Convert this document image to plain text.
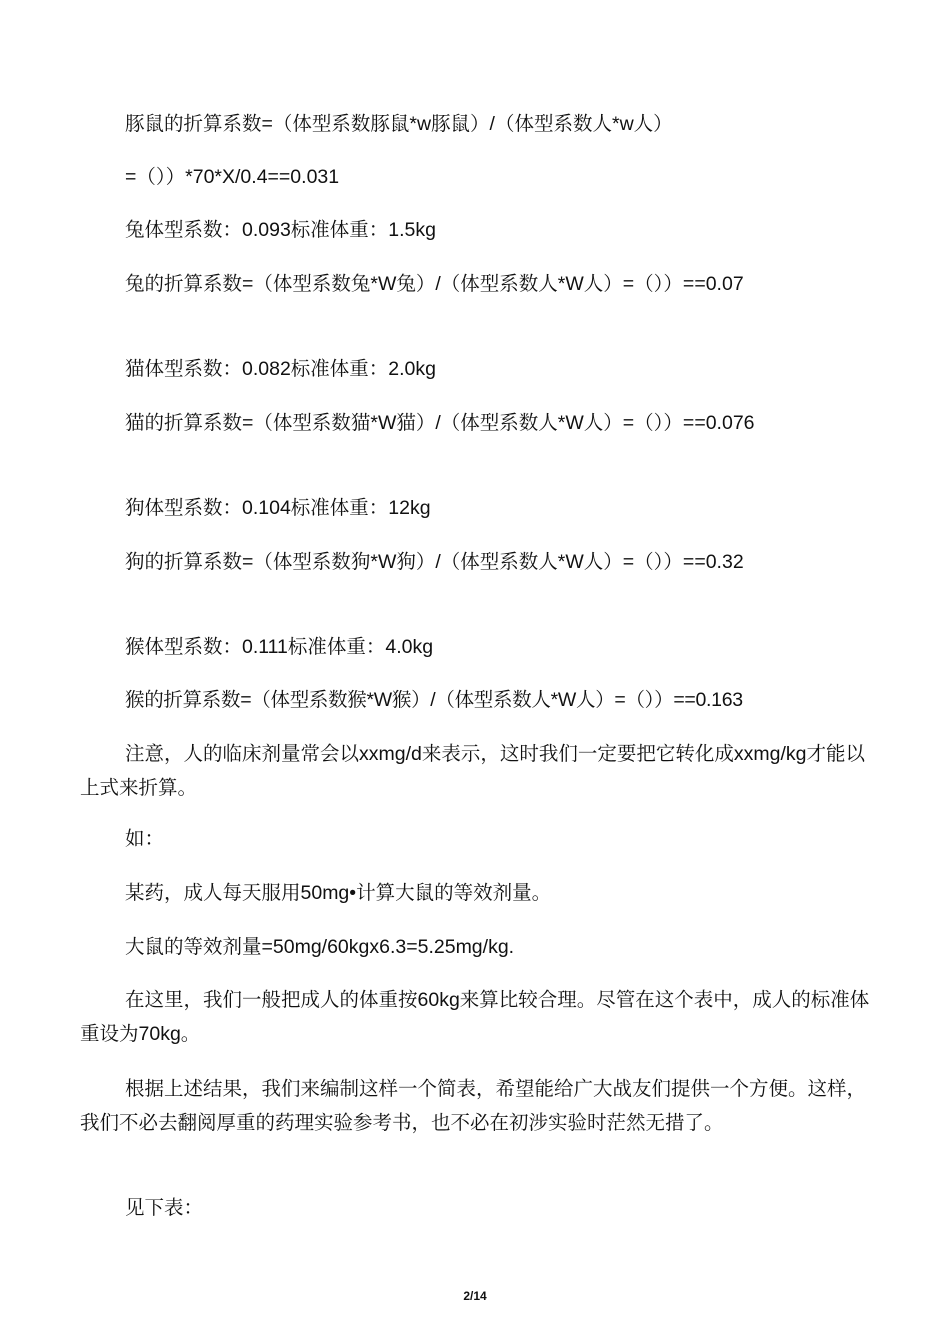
豚鼠的折算系数=（体型系数豚鼠*w豚鼠）/（体型系数人*w人）

=（））*70*X/0.4==0.031

兔体型系数：0.093标准体重：1.5kg

兔的折算系数=（体型系数兔*W兔）/（体型系数人*W人）=（））==0.07

猫体型系数：0.082标准体重：2.0kg

猫的折算系数=（体型系数猫*W猫）/（体型系数人*W人）=（））==0.076

狗体型系数：0.104标准体重：12kg

狗的折算系数=（体型系数狗*W狗）/（体型系数人*W人）=（））==0.32

猴体型系数：0.111标准体重：4.0kg

猴的折算系数=（体型系数猴*W猴）/（体型系数人*W人）=（））==0.163

注意，人的临床剂量常会以xxmg/d来表示，这时我们一定要把它转化成xxmg/kg才能以上式来折算。

如：

某药，成人每天服用50mg•计算大鼠的等效剂量。

大鼠的等效剂量=50mg/60kgx6.3=5.25mg/kg.

在这里，我们一般把成人的体重按60kg来算比较合理。尽管在这个表中，成人的标准体重设为70kg。

根据上述结果，我们来编制这样一个简表，希望能给广大战友们提供一个方便。这样，我们不必去翻阅厚重的药理实验参考书，也不必在初涉实验时茫然无措了。

见下表：

2/14
